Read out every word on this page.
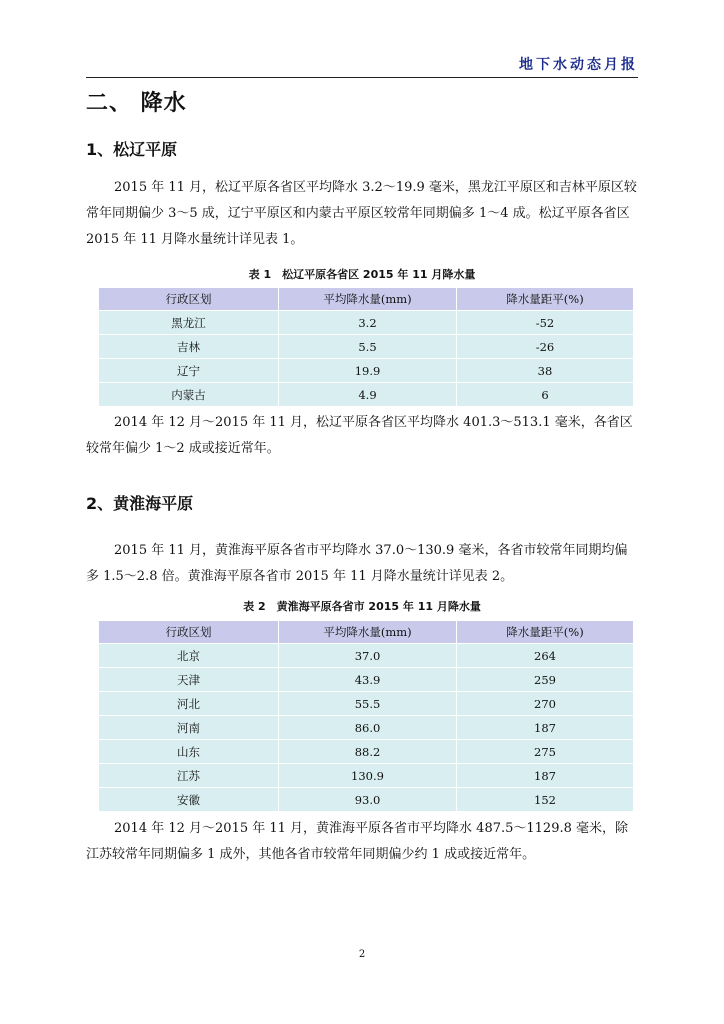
地下水动态月报
二、 降水
1、松辽平原
2015 年 11 月，松辽平原各省区平均降水 3.2～19.9 毫米，黑龙江平原区和吉林平原区较常年同期偏少 3～5 成，辽宁平原区和内蒙古平原区较常年同期偏多 1～4 成。松辽平原各省区 2015 年 11 月降水量统计详见表 1。
表 1　松辽平原各省区 2015 年 11 月降水量
行政区划	平均降水量(mm)	降水量距平(%)
黑龙江	3.2	-52
吉林	5.5	-26
辽宁	19.9	38
内蒙古	4.9	6
2014 年 12 月～2015 年 11 月，松辽平原各省区平均降水 401.3～513.1 毫米，各省区较常年偏少 1～2 成或接近常年。
2、黄淮海平原
2015 年 11 月，黄淮海平原各省市平均降水 37.0～130.9 毫米，各省市较常年同期均偏多 1.5～2.8 倍。黄淮海平原各省市 2015 年 11 月降水量统计详见表 2。
表 2　黄淮海平原各省市 2015 年 11 月降水量
行政区划	平均降水量(mm)	降水量距平(%)
北京	37.0	264
天津	43.9	259
河北	55.5	270
河南	86.0	187
山东	88.2	275
江苏	130.9	187
安徽	93.0	152
2014 年 12 月～2015 年 11 月，黄淮海平原各省市平均降水 487.5～1129.8 毫米，除江苏较常年同期偏多 1 成外，其他各省市较常年同期偏少约 1 成或接近常年。
2
